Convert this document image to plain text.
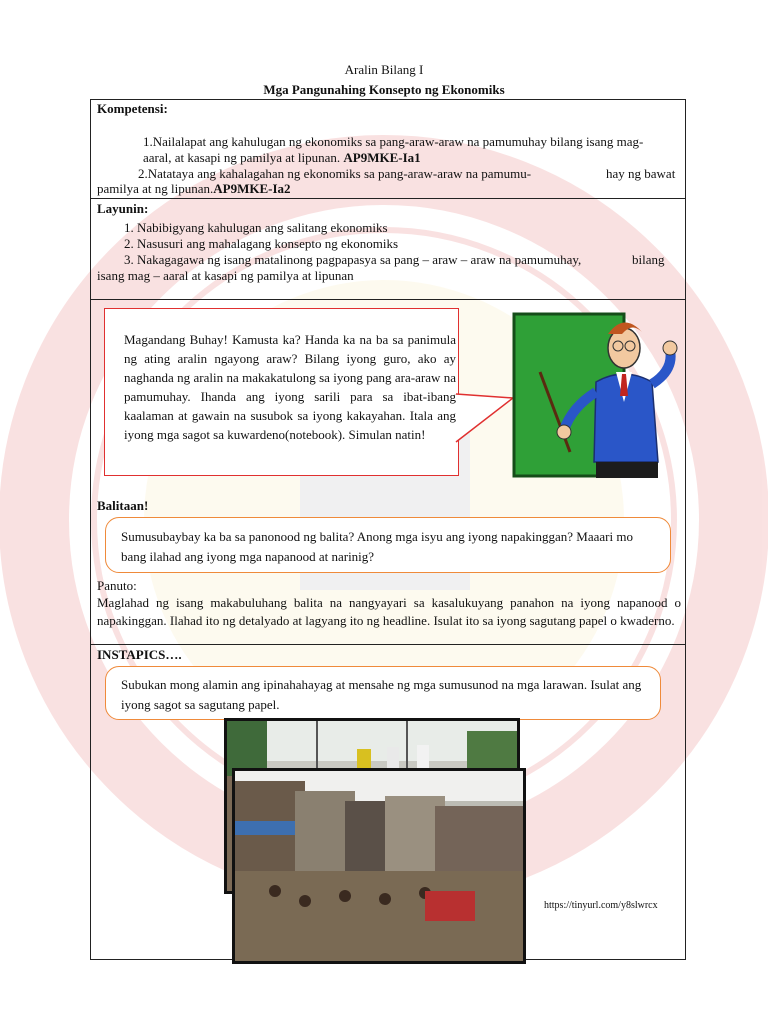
Aralin Bilang I
Mga Pangunahing Konsepto ng Ekonomiks
Kompetensi:
1.Nailalapat ang kahulugan ng ekonomiks sa pang-araw-araw na pamumuhay bilang isang mag-
aaral, at kasapi ng pamilya at lipunan. AP9MKE-Ia1
2.Natataya ang kahalagahan ng ekonomiks sa pang-araw-araw na pamumu-	hay ng bawat
pamilya at ng lipunan.AP9MKE-Ia2
Layunin:
1. Nabibigyang kahulugan ang salitang ekonomiks
2. Nasusuri ang mahalagang konsepto ng ekonomiks
3. Nakagagawa ng isang matalinong pagpapasya sa pang – araw – araw na pamumuhay,	bilang
isang mag – aaral at kasapi ng pamilya at lipunan
Magandang Buhay! Kamusta ka? Handa ka na ba sa panimula ng ating aralin ngayong araw? Bilang iyong guro, ako ay naghanda ng aralin na makakatulong sa iyong pang ara-araw na pamumuhay. Ihanda ang iyong sarili para sa ibat-ibang kaalaman at gawain na susubok sa iyong kakayahan. Itala ang iyong mga sagot sa kuwardeno(notebook). Simulan natin!
Balitaan!
Sumusubaybay ka ba sa panonood ng balita? Anong mga isyu ang iyong napakinggan? Maaari mo bang ilahad ang iyong mga napanood at narinig?
Panuto:
Maglahad ng isang makabuluhang balita na nangyayari sa kasalukuyang panahon na iyong napanood o napakinggan. Ilahad ito ng detalyado at lagyang ito ng headline. Isulat ito sa iyong sagutang papel o kwaderno.
INSTAPICS….
Subukan mong alamin ang ipinahahayag at mensahe ng mga sumusunod na mga larawan. Isulat ang iyong sagot sa sagutang papel.
https://tinyurl.com/y8slwrcx
